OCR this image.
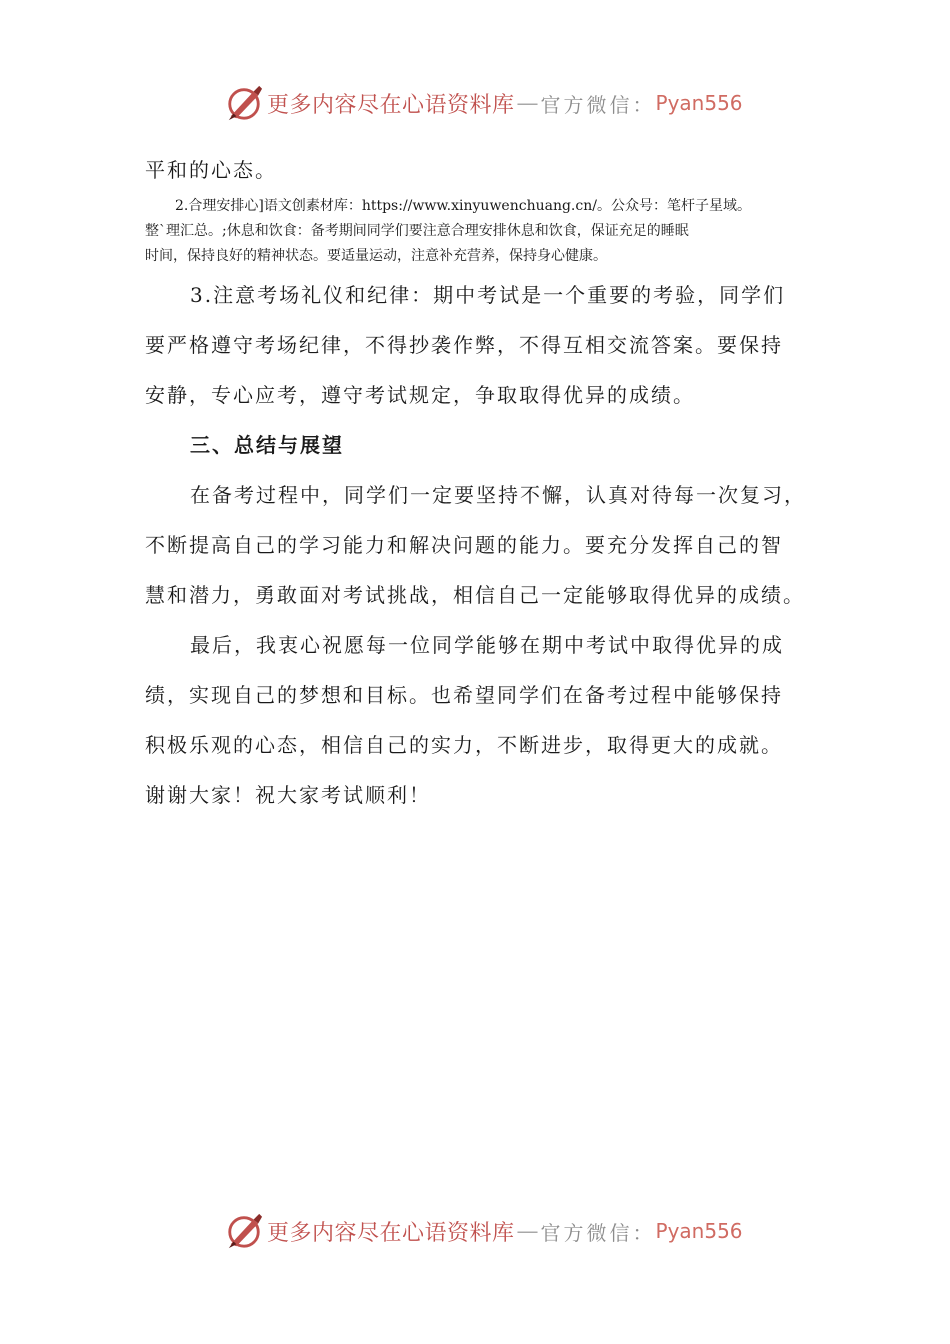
更多内容尽在心语资料库 — 官方微信： Pyan556

平和的心态。

2.合理安排心]语文创素材库：https://www.xinyuwenchuang.cn/。公众号：笔杆子星域。

整`理汇总。;休息和饮食：备考期间同学们要注意合理安排休息和饮食，保证充足的睡眠

时间，保持良好的精神状态。要适量运动，注意补充营养，保持身心健康。

3.注意考场礼仪和纪律：期中考试是一个重要的考验，同学们

要严格遵守考场纪律，不得抄袭作弊，不得互相交流答案。要保持

安静，专心应考，遵守考试规定，争取取得优异的成绩。

三、总结与展望

在备考过程中，同学们一定要坚持不懈，认真对待每一次复习，

不断提高自己的学习能力和解决问题的能力。要充分发挥自己的智

慧和潜力，勇敢面对考试挑战，相信自己一定能够取得优异的成绩。

最后，我衷心祝愿每一位同学能够在期中考试中取得优异的成

绩，实现自己的梦想和目标。也希望同学们在备考过程中能够保持

积极乐观的心态，相信自己的实力，不断进步，取得更大的成就。

谢谢大家！祝大家考试顺利！

更多内容尽在心语资料库 — 官方微信： Pyan556
